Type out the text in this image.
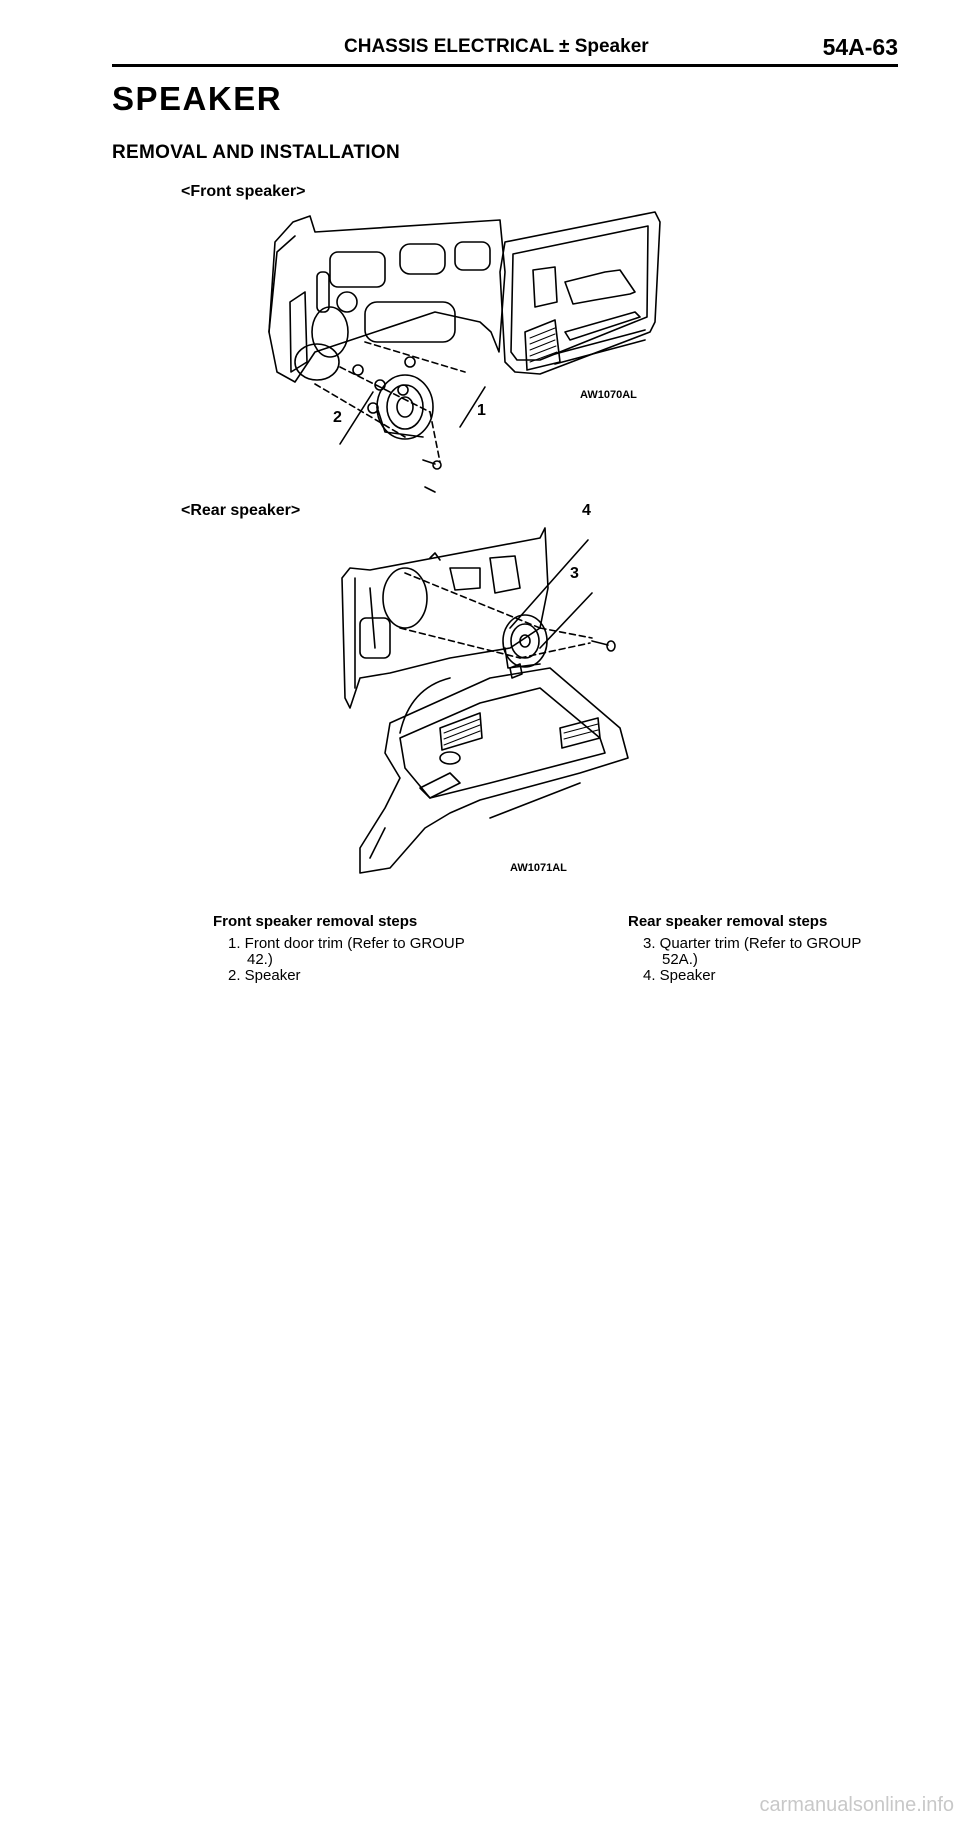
CHASSIS ELECTRICAL ± Speaker	54A-63
SPEAKER
REMOVAL AND INSTALLATION
<Front speaker>
1
2
AW1070AL
<Rear speaker>	4
3
AW1071AL
Front speaker removal steps
1. Front door trim (Refer to GROUP 42.)
2. Speaker
Rear speaker removal steps
3. Quarter trim (Refer to GROUP 52A.)
4. Speaker
carmanualsonline.info
